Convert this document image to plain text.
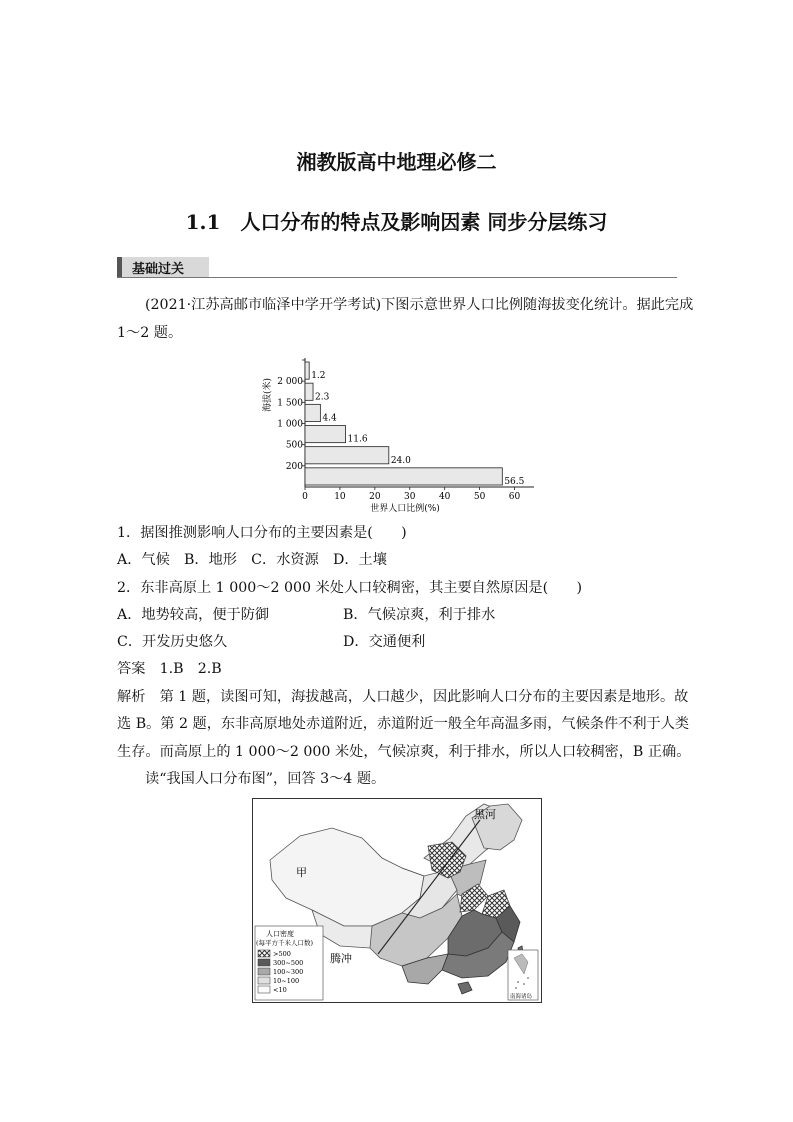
湘教版高中地理必修二
1.1　人口分布的特点及影响因素 同步分层练习
基础过关
(2021·江苏高邮市临泽中学开学考试)下图示意世界人口比例随海拔变化统计。据此完成
1～2 题。
56.5
200
24.0
500
11.6
1 000
4.4
1 500
2.3
2 000
1.2
0	10	20	30	40	50	60
世界人口比例(%)
海拔(米)
1．据图推测影响人口分布的主要因素是(　　)
A．气候　B．地形　C．水资源　D．土壤
2．东非高原上 1 000～2 000 米处人口较稠密，其主要自然原因是(　　)
A．地势较高，便于防御	B．气候凉爽，利于排水
C．开发历史悠久	D．交通便利
答案　1.B　2.B
解析　第 1 题，读图可知，海拔越高，人口越少，因此影响人口分布的主要因素是地形。故
选 B。第 2 题，东非高原地处赤道附近，赤道附近一般全年高温多雨，气候条件不利于人类
生存。而高原上的 1 000～2 000 米处，气候凉爽，利于排水，所以人口较稠密，B 正确。
读“我国人口分布图”，回答 3～4 题。
黑河
甲
腾冲
人口密度
(每平方千米人口数)
>500
300~500
100~300
10~100
<10
南海诸岛
